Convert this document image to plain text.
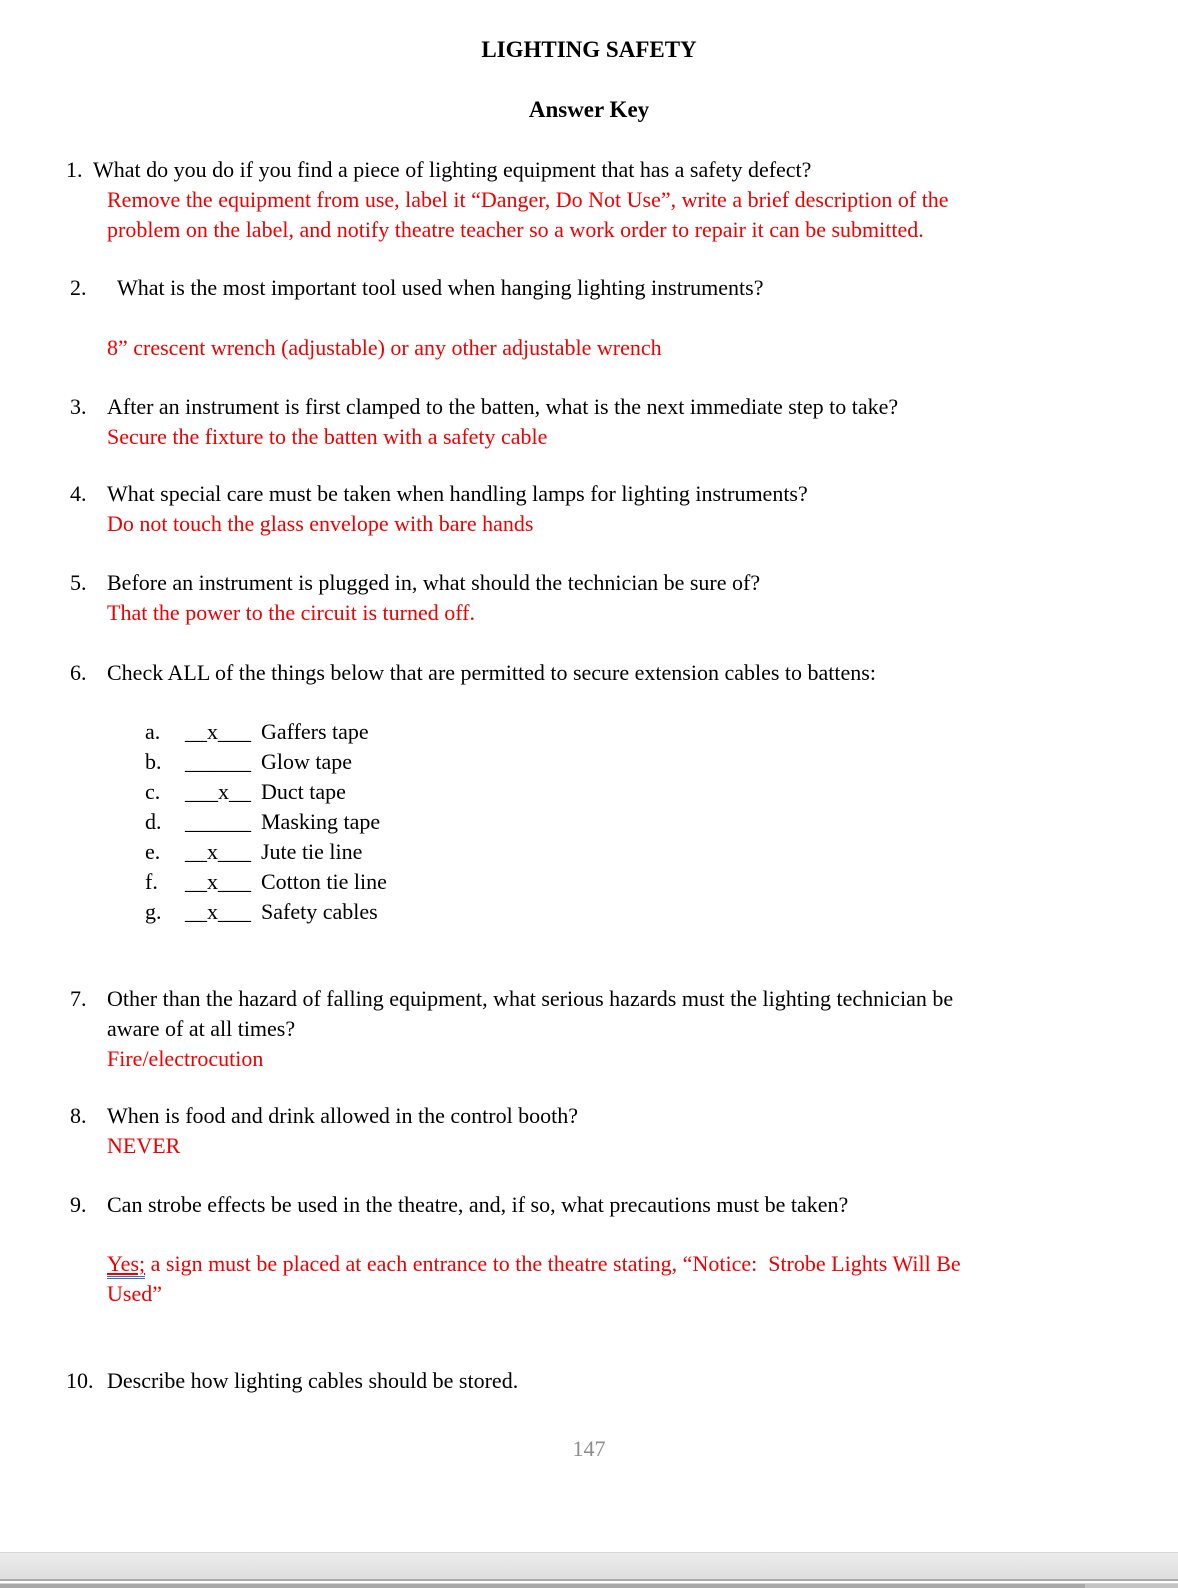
LIGHTING SAFETY
Answer Key
1. What do you do if you find a piece of lighting equipment that has a safety defect?
Remove the equipment from use, label it “Danger, Do Not Use”, write a brief description of the
problem on the label, and notify theatre teacher so a work order to repair it can be submitted.
2.	What is the most important tool used when hanging lighting instruments?
8” crescent wrench (adjustable) or any other adjustable wrench
3. After an instrument is first clamped to the batten, what is the next immediate step to take?
Secure the fixture to the batten with a safety cable
4. What special care must be taken when handling lamps for lighting instruments?
Do not touch the glass envelope with bare hands
5. Before an instrument is plugged in, what should the technician be sure of?
That the power to the circuit is turned off.
6. Check ALL of the things below that are permitted to secure extension cables to battens:
a.	__x___ Gaffers tape
b.	______ Glow tape
c.	___x__ Duct tape
d.	______ Masking tape
e.	__x___ Jute tie line
f.	__x___ Cotton tie line
g.	__x___ Safety cables
7. Other than the hazard of falling equipment, what serious hazards must the lighting technician be
aware of at all times?
Fire/electrocution
8. When is food and drink allowed in the control booth?
NEVER
9. Can strobe effects be used in the theatre, and, if so, what precautions must be taken?
Yes; a sign must be placed at each entrance to the theatre stating, “Notice:  Strobe Lights Will Be
Used”
10. Describe how lighting cables should be stored.
147
